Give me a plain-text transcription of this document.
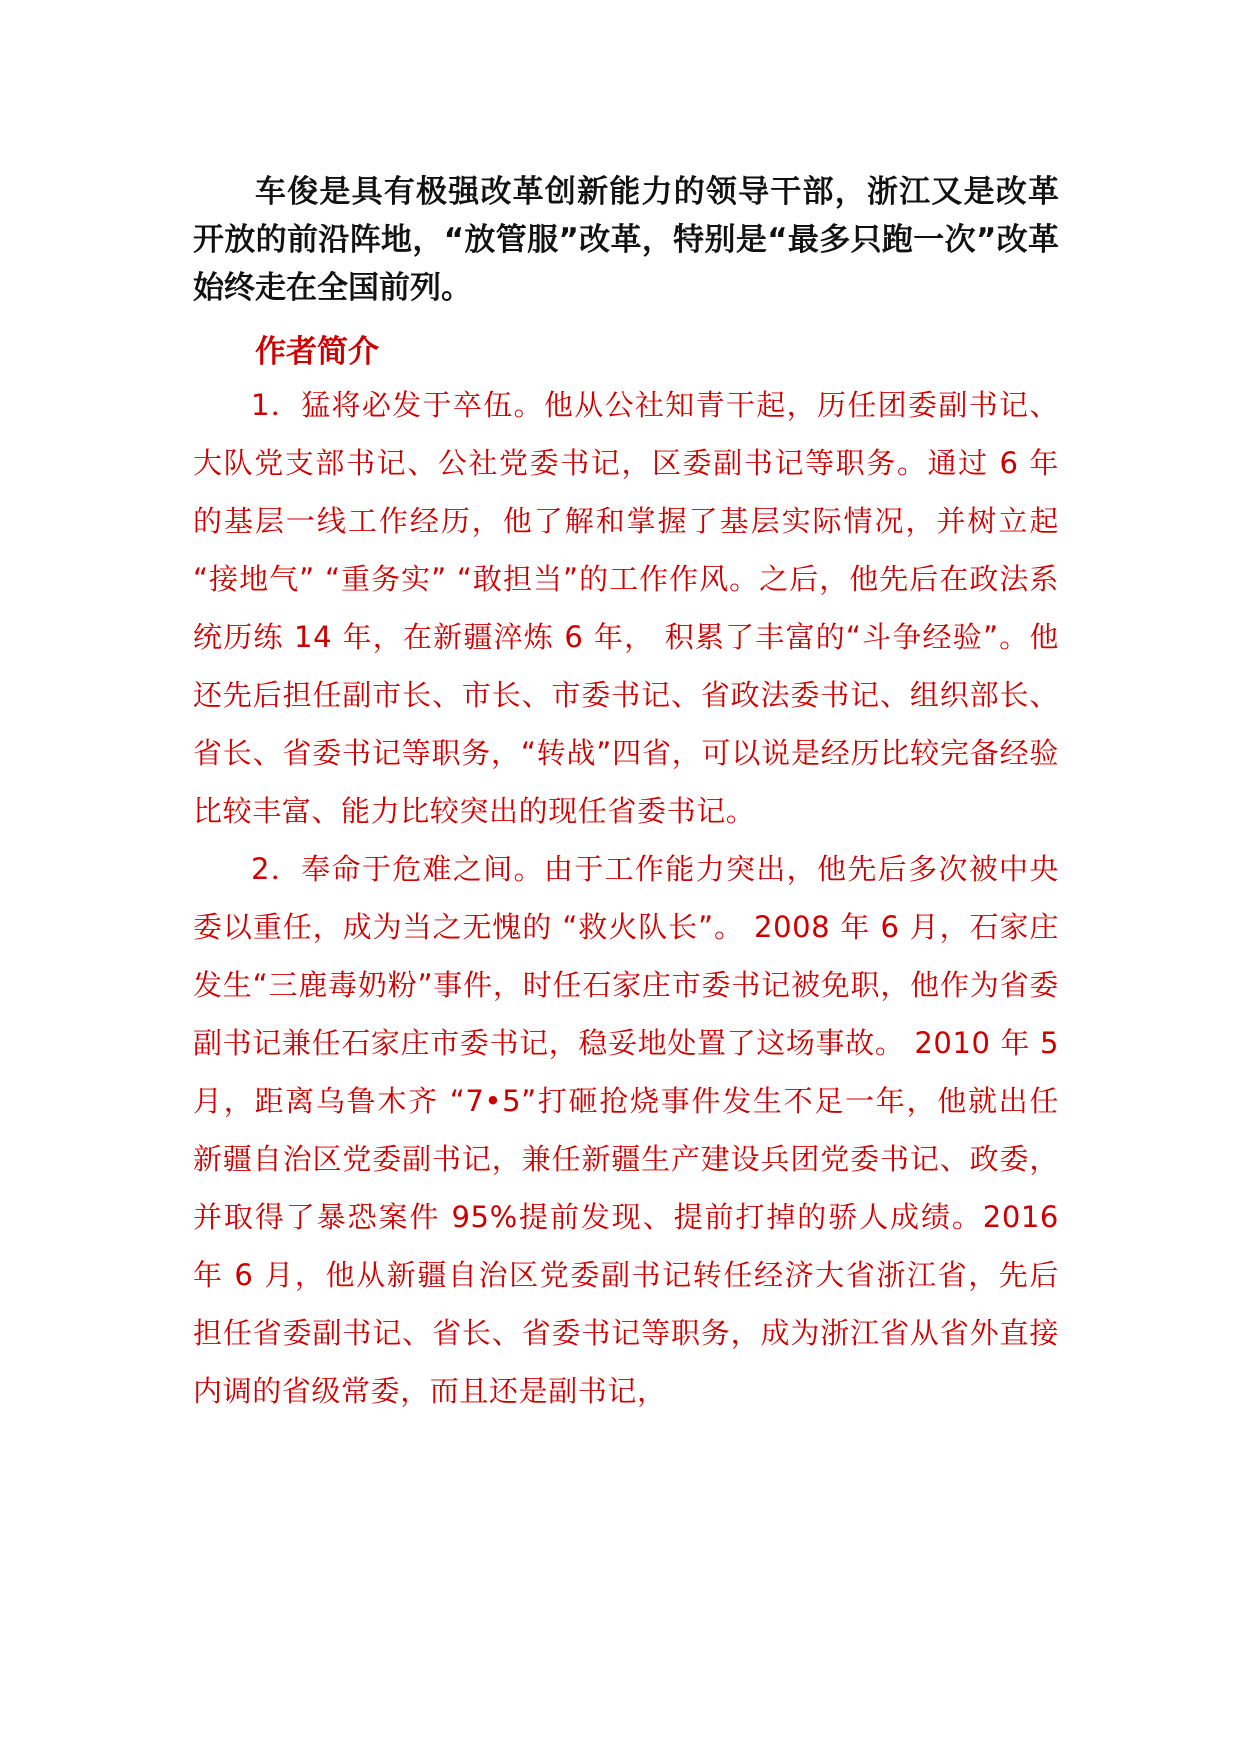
车俊是具有极强改革创新能力的领导干部，浙江又是改革开放的前沿阵地，“放管服”改革，特别是“最多只跑一次”改革始终走在全国前列。

作者简介

1．猛将必发于卒伍。他从公社知青干起，历任团委副书记、大队党支部书记、公社党委书记，区委副书记等职务。通过 6 年的基层一线工作经历，他了解和掌握了基层实际情况，并树立起 “接地气” “重务实” “敢担当”的工作作风。之后，他先后在政法系统历练 14 年，在新疆淬炼 6 年， 积累了丰富的“斗争经验”。他还先后担任副市长、市长、市委书记、省政法委书记、组织部长、省长、省委书记等职务，“转战”四省，可以说是经历比较完备经验比较丰富、能力比较突出的现任省委书记。

2．奉命于危难之间。由于工作能力突出，他先后多次被中央委以重任，成为当之无愧的 “救火队长”。 2008 年 6 月，石家庄发生“三鹿毒奶粉”事件，时任石家庄市委书记被免职，他作为省委副书记兼任石家庄市委书记，稳妥地处置了这场事故。 2010 年 5 月，距离乌鲁木齐 “7•5”打砸抢烧事件发生不足一年，他就出任新疆自治区党委副书记，兼任新疆生产建设兵团党委书记、政委，并取得了暴恐案件 95%提前发现、提前打掉的骄人成绩。2016 年 6 月，他从新疆自治区党委副书记转任经济大省浙江省，先后担任省委副书记、省长、省委书记等职务，成为浙江省从省外直接内调的省级常委，而且还是副书记，
